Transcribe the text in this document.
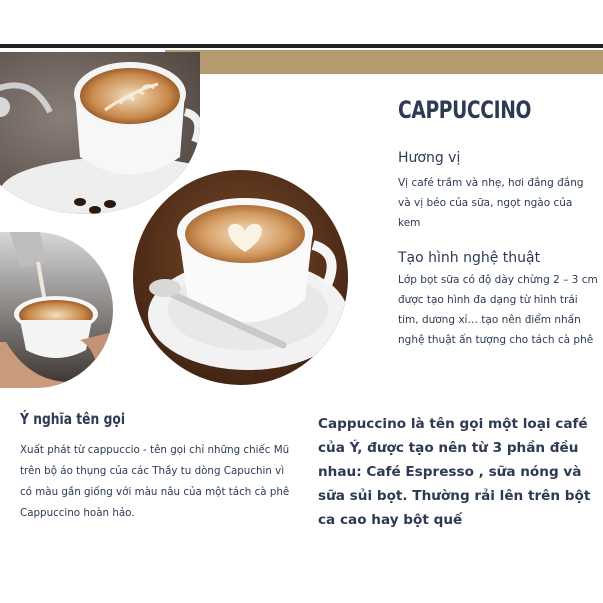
CAPPUCCINO
Hương vị
Vị café trầm và nhẹ, hơi đắng đắng và vị béo của sữa, ngọt ngào của kem
Tạo hình nghệ thuật
Lớp bọt sữa có độ dày chừng 2 – 3 cm được tạo hình đa dạng từ hình trái tim, dương xỉ… tạo nên điểm nhấn nghệ thuật ấn tượng cho tách cà phê
Ý nghĩa tên gọi
Xuất phát từ cappuccio - tên gọi chỉ những chiếc Mũ trên bộ áo thụng của các Thầy tu dòng Capuchin vì có màu gần giống với màu nâu của một tách cà phê Cappuccino hoàn hảo.
Cappuccino là tên gọi một loại café của Ý, được tạo nên từ 3 phần đều nhau: Café Espresso , sữa nóng và sữa sủi bọt. Thường rải lên trên bột ca cao hay bột quế
